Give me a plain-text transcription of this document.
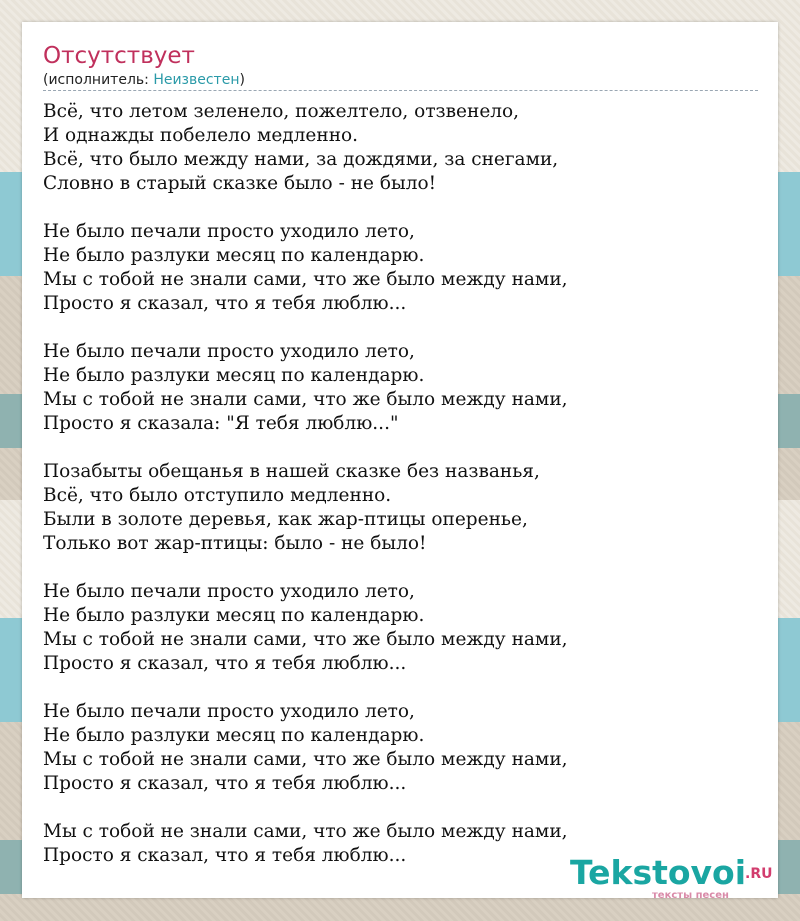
Отсутствует
(исполнитель: Неизвестен)
Всё, что летом зеленело, пожелтело, отзвенело,
И однажды побелело медленно.
Всё, что было между нами, за дождями, за снегами,
Словно в старый сказке было - не было!
Не было печали просто уходило лето,
Не было разлуки месяц по календарю.
Мы с тобой не знали сами, что же было между нами,
Просто я сказал, что я тебя люблю...
Не было печали просто уходило лето,
Не было разлуки месяц по календарю.
Мы с тобой не знали сами, что же было между нами,
Просто я сказала: "Я тебя люблю..."
Позабыты обещанья в нашей сказке без названья,
Всё, что было отступило медленно.
Были в золоте деревья, как жар-птицы оперенье,
Только вот жар-птицы: было - не было!
Не было печали просто уходило лето,
Не было разлуки месяц по календарю.
Мы с тобой не знали сами, что же было между нами,
Просто я сказал, что я тебя люблю...
Не было печали просто уходило лето,
Не было разлуки месяц по календарю.
Мы с тобой не знали сами, что же было между нами,
Просто я сказал, что я тебя люблю...
Мы с тобой не знали сами, что же было между нами,
Просто я сказал, что я тебя люблю...	Tekstovoi
.RU
тексты песен
